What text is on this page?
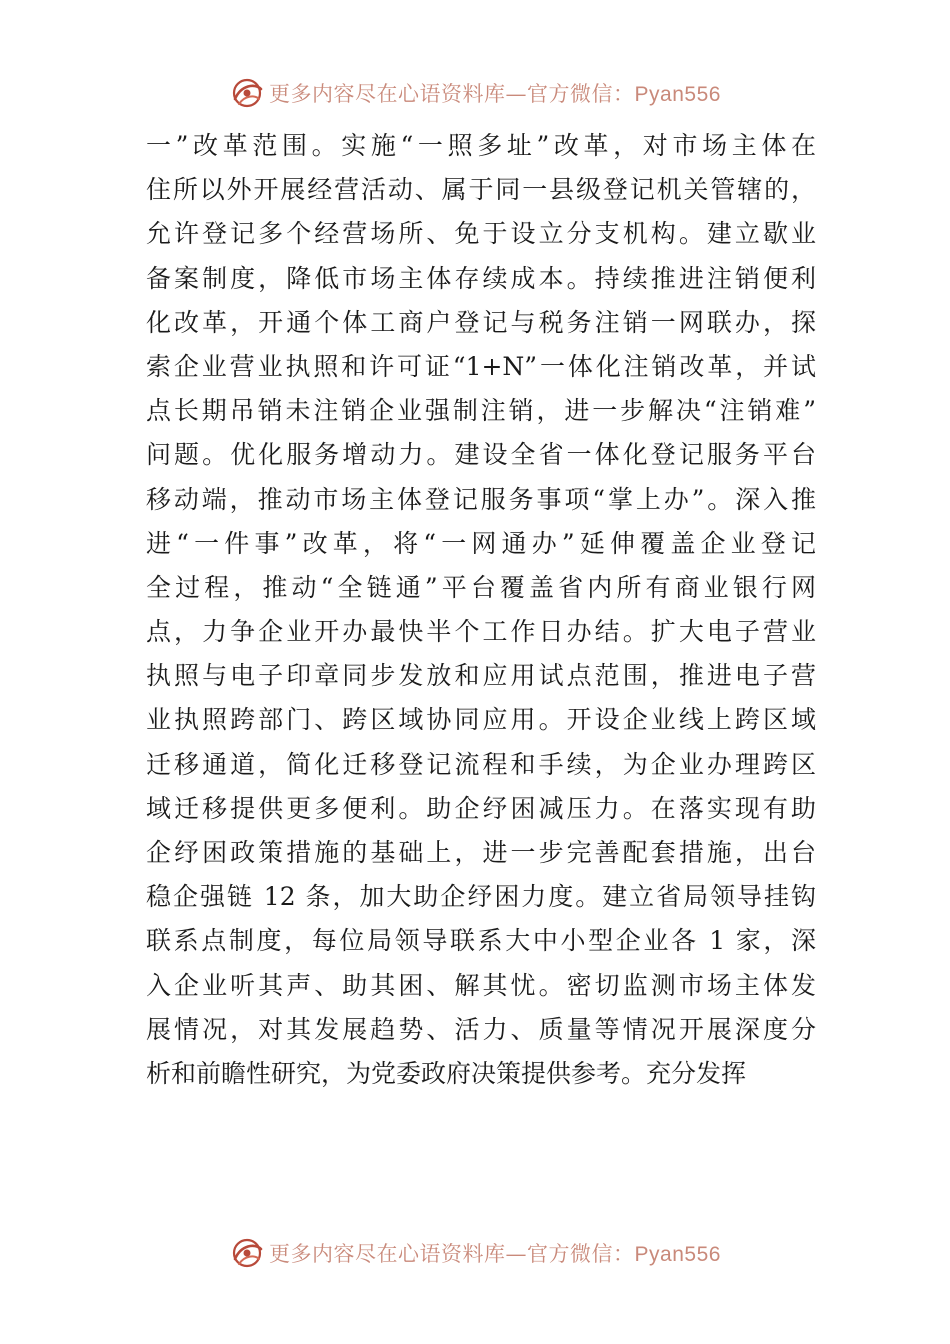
更多内容尽在心语资料库—官方微信：Pyan556
一”改革范围。实施“一照多址”改革，对市场主体在
住所以外开展经营活动、属于同一县级登记机关管辖的，
允许登记多个经营场所、免于设立分支机构。建立歇业
备案制度，降低市场主体存续成本。持续推进注销便利
化改革，开通个体工商户登记与税务注销一网联办，探
索企业营业执照和许可证“1+N”一体化注销改革，并试
点长期吊销未注销企业强制注销，进一步解决“注销难”
问题。优化服务增动力。建设全省一体化登记服务平台
移动端，推动市场主体登记服务事项“掌上办”。深入推
进“一件事”改革，将“一网通办”延伸覆盖企业登记
全过程，推动“全链通”平台覆盖省内所有商业银行网
点，力争企业开办最快半个工作日办结。扩大电子营业
执照与电子印章同步发放和应用试点范围，推进电子营
业执照跨部门、跨区域协同应用。开设企业线上跨区域
迁移通道，简化迁移登记流程和手续，为企业办理跨区
域迁移提供更多便利。助企纾困减压力。在落实现有助
企纾困政策措施的基础上，进一步完善配套措施，出台
稳企强链 12 条，加大助企纾困力度。建立省局领导挂钩
联系点制度，每位局领导联系大中小型企业各 1 家，深
入企业听其声、助其困、解其忧。密切监测市场主体发
展情况，对其发展趋势、活力、质量等情况开展深度分
析和前瞻性研究，为党委政府决策提供参考。充分发挥
更多内容尽在心语资料库—官方微信：Pyan556
